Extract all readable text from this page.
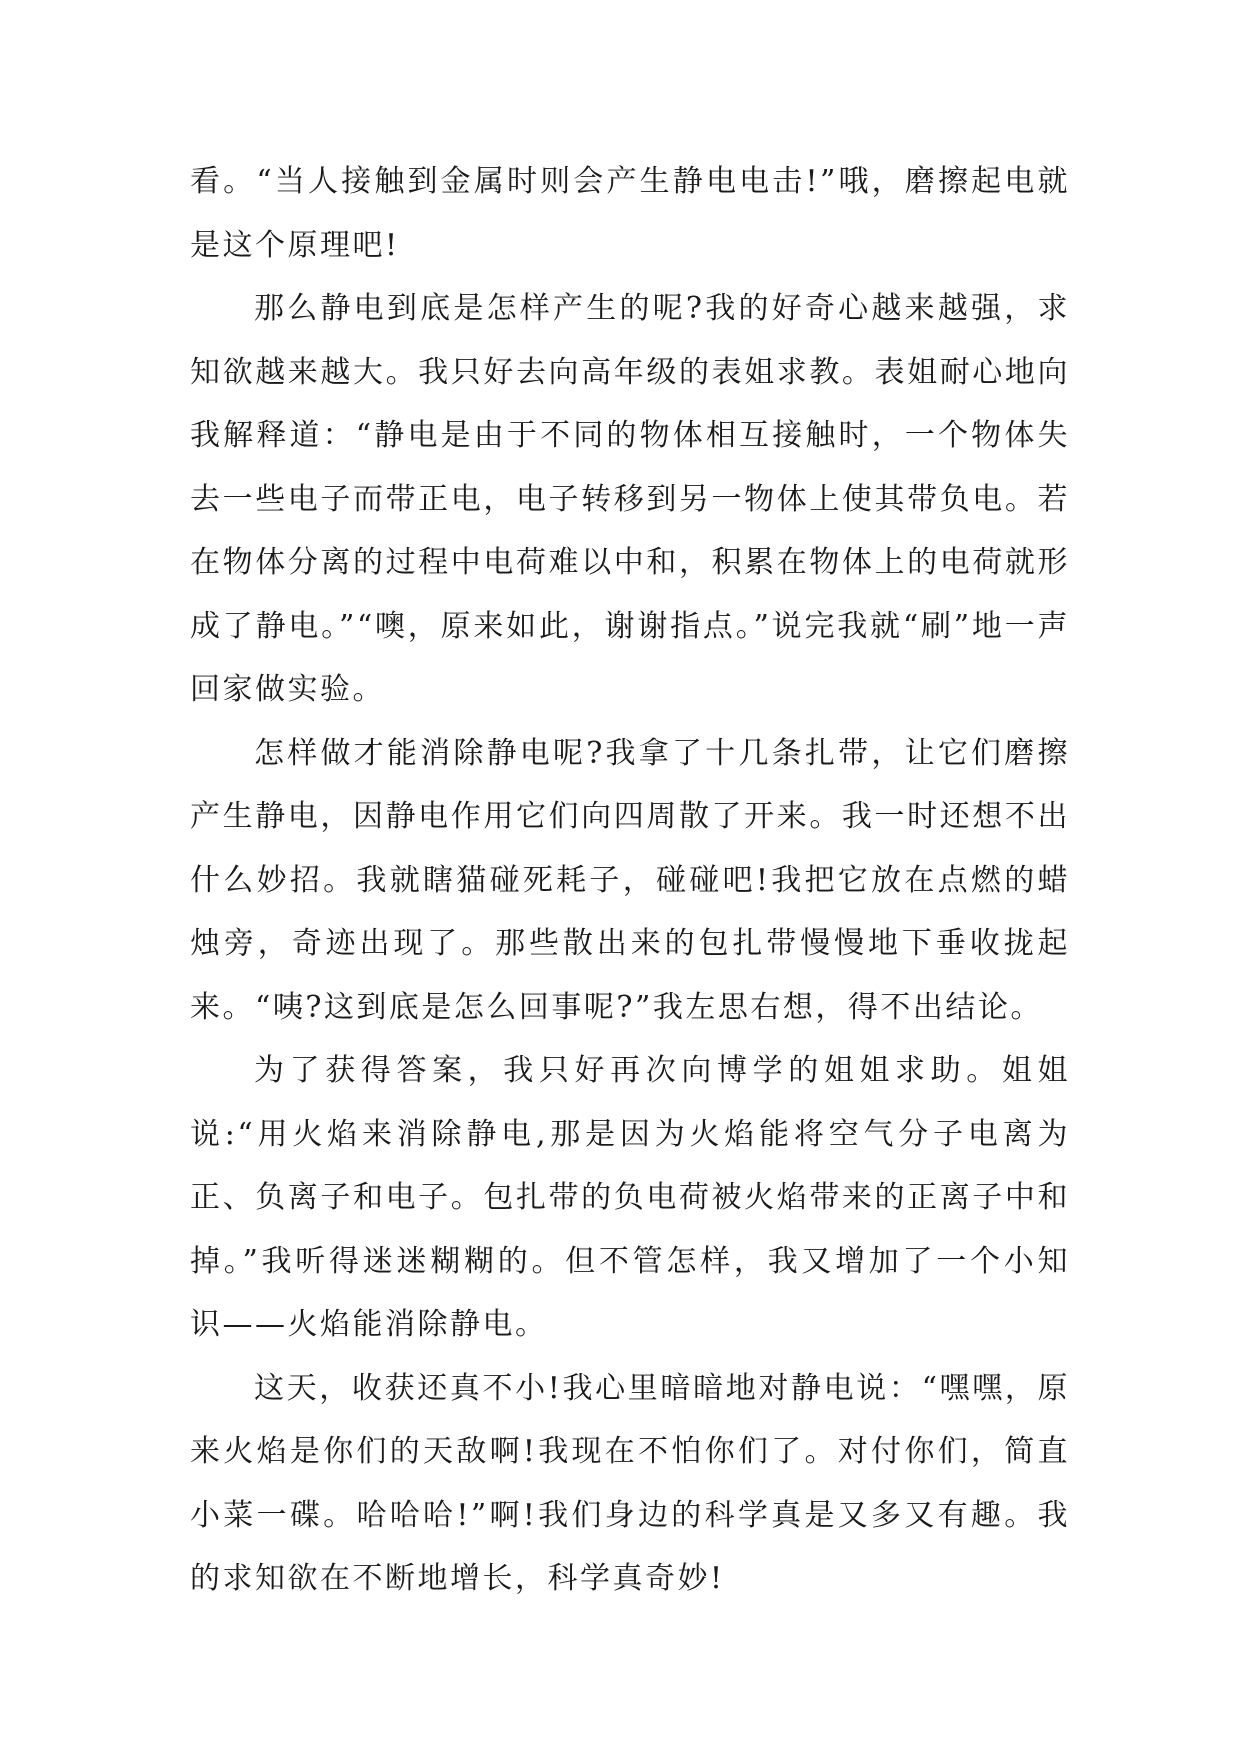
看。“当人接触到金属时则会产生静电电击!”哦，磨擦起电就是这个原理吧!

那么静电到底是怎样产生的呢?我的好奇心越来越强，求知欲越来越大。我只好去向高年级的表姐求教。表姐耐心地向我解释道：“静电是由于不同的物体相互接触时，一个物体失去一些电子而带正电，电子转移到另一物体上使其带负电。若在物体分离的过程中电荷难以中和，积累在物体上的电荷就形成了静电。”“噢，原来如此，谢谢指点。”说完我就“刷”地一声回家做实验。

怎样做才能消除静电呢?我拿了十几条扎带，让它们磨擦产生静电，因静电作用它们向四周散了开来。我一时还想不出什么妙招。我就瞎猫碰死耗子，碰碰吧!我把它放在点燃的蜡烛旁，奇迹出现了。那些散出来的包扎带慢慢地下垂收拢起来。“咦?这到底是怎么回事呢?”我左思右想，得不出结论。

为了获得答案，我只好再次向博学的姐姐求助。姐姐说:“用火焰来消除静电,那是因为火焰能将空气分子电离为正、负离子和电子。包扎带的负电荷被火焰带来的正离子中和掉。”我听得迷迷糊糊的。但不管怎样，我又增加了一个小知识——火焰能消除静电。

这天，收获还真不小!我心里暗暗地对静电说：“嘿嘿，原来火焰是你们的天敌啊!我现在不怕你们了。对付你们，简直小菜一碟。哈哈哈!”啊!我们身边的科学真是又多又有趣。我的求知欲在不断地增长，科学真奇妙!
